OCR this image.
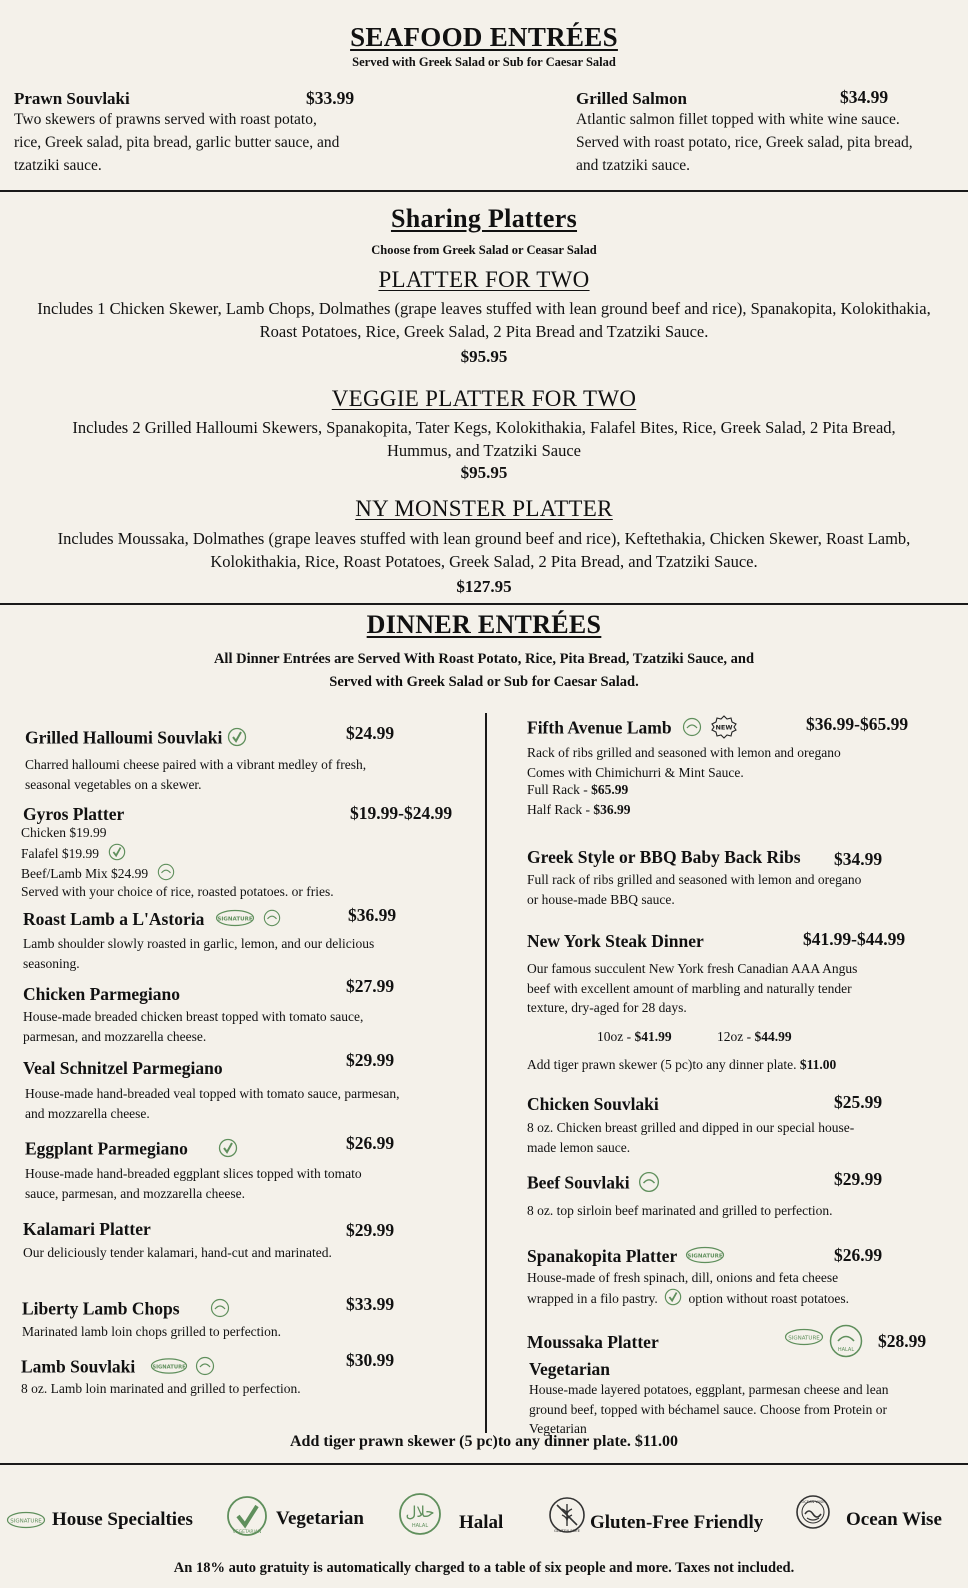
SEAFOOD ENTRÉES
Served with Greek Salad or Sub for Caesar Salad
Prawn Souvlaki	$33.99
Two skewers of prawns served with roast potato, rice, Greek salad, pita bread, garlic butter sauce, and tzatziki sauce.
Grilled Salmon	$34.99
Atlantic salmon fillet topped with white wine sauce. Served with roast potato, rice, Greek salad, pita bread, and tzatziki sauce.
Sharing Platters
Choose from Greek Salad or Ceasar Salad
PLATTER FOR TWO
Includes 1 Chicken Skewer, Lamb Chops, Dolmathes (grape leaves stuffed with lean ground beef and rice), Spanakopita, Kolokithakia, Roast Potatoes, Rice, Greek Salad, 2 Pita Bread and Tzatziki Sauce.
$95.95
VEGGIE PLATTER FOR TWO
Includes 2 Grilled Halloumi Skewers, Spanakopita, Tater Kegs, Kolokithakia, Falafel Bites, Rice, Greek Salad, 2 Pita Bread, Hummus, and Tzatziki Sauce
$95.95
NY MONSTER PLATTER
Includes Moussaka, Dolmathes (grape leaves stuffed with lean ground beef and rice), Keftethakia, Chicken Skewer, Roast Lamb, Kolokithakia, Rice, Roast Potatoes, Greek Salad, 2 Pita Bread, and Tzatziki Sauce.
$127.95
DINNER ENTRÉES
All Dinner Entrées are Served With Roast Potato, Rice, Pita Bread, Tzatziki Sauce, and
Served with Greek Salad or Sub for Caesar Salad.
Grilled Halloumi Souvlaki	$24.99
Charred halloumi cheese paired with a vibrant medley of fresh, seasonal vegetables on a skewer.
Gyros Platter	$19.99-$24.99
Chicken $19.99
Falafel $19.99
Beef/Lamb Mix $24.99
Served with your choice of rice, roasted potatoes. or fries.
Roast Lamb a L'Astoria SIGNATURE
	$36.99
Lamb shoulder slowly roasted in garlic, lemon, and our delicious seasoning.
Chicken Parmegiano	$27.99
House-made breaded chicken breast topped with tomato sauce, parmesan, and mozzarella cheese.
Veal Schnitzel Parmegiano	$29.99
House-made hand-breaded veal topped with tomato sauce, parmesan, and mozzarella cheese.
Eggplant Parmegiano	$26.99
House-made hand-breaded eggplant slices topped with tomato sauce, parmesan, and mozzarella cheese.
Kalamari Platter	$29.99
Our deliciously tender kalamari, hand-cut and marinated.
Liberty Lamb Chops	$33.99
Marinated lamb loin chops grilled to perfection.
Lamb Souvlaki	SIGNATURE
	$30.99
8 oz. Lamb loin marinated and grilled to perfection.
Fifth Avenue Lamb	NEW	$36.99-$65.99
Rack of ribs grilled and seasoned with lemon and oregano Comes with Chimichurri & Mint Sauce.
Full Rack - $65.99
Half Rack - $36.99
Greek Style or BBQ Baby Back Ribs $34.99
Full rack of ribs grilled and seasoned with lemon and oregano or house-made BBQ sauce.
New York Steak Dinner	$41.99-$44.99
Our famous succulent New York fresh Canadian AAA Angus beef with excellent amount of marbling and naturally tender texture, dry-aged for 28 days.
10oz - $41.99	12oz - $44.99
Add tiger prawn skewer (5 pc)to any dinner plate. $11.00
Chicken Souvlaki	$25.99
8 oz. Chicken breast grilled and dipped in our special house-made lemon sauce.
Beef Souvlaki	$29.99
8 oz. top sirloin beef marinated and grilled to perfection.
Spanakopita Platter SIGNATURE	$26.99
House-made of fresh spinach, dill, onions and feta cheese wrapped in a filo pastry. option without roast potatoes.
Moussaka Platter
Vegetarian
SIGNATURE
HALAL $28.99
House-made layered potatoes, eggplant, parmesan cheese and lean ground beef, topped with béchamel sauce. Choose from Protein or Vegetarian
Add tiger prawn skewer (5 pc)to any dinner plate. $11.00
SIGNATURE House Specialties
VEGETARIAN
Vegetarian	حلال
HALAL Halal	GLUTEN FREE Gluten-Free Friendly
OCEAN WISE
Ocean Wise
An 18% auto gratuity is automatically charged to a table of six people and more. Taxes not included.
